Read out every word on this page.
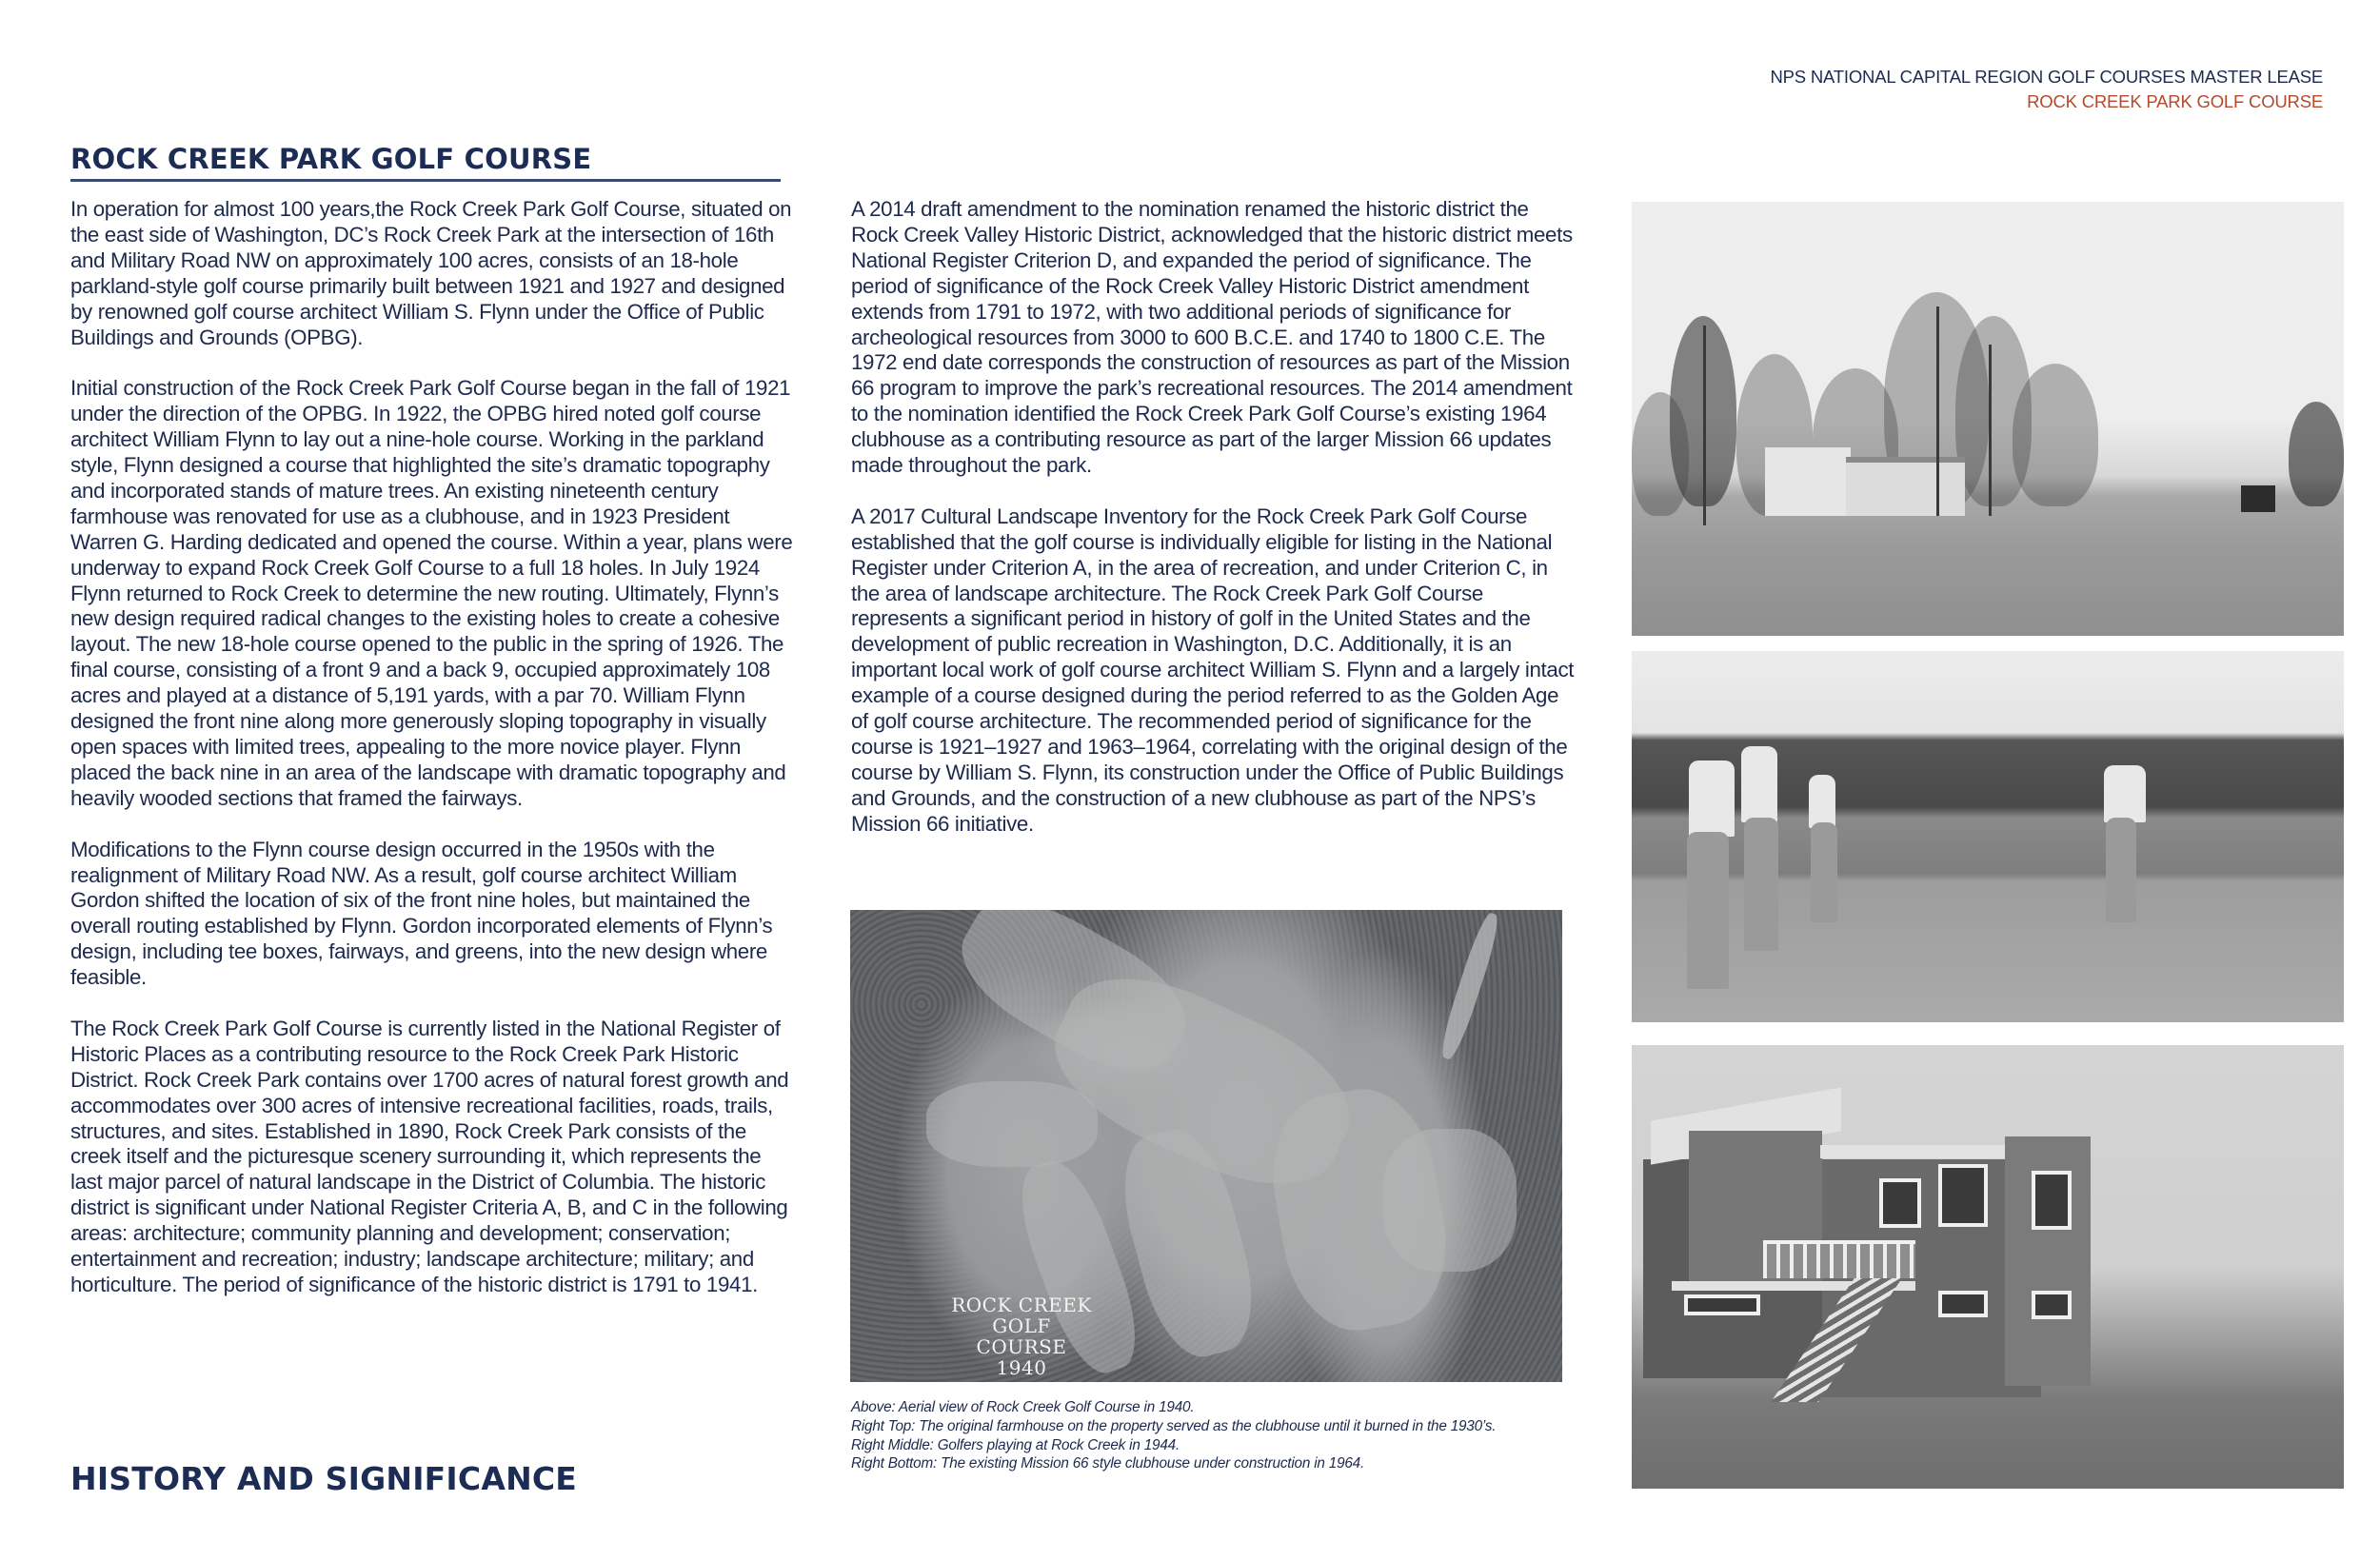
NPS NATIONAL CAPITAL REGION GOLF COURSES MASTER LEASE
ROCK CREEK PARK GOLF COURSE
ROCK CREEK PARK GOLF COURSE

In operation for almost 100 years,the Rock Creek Park Golf Course, situated on the east side of Washington, DC’s Rock Creek Park at the intersection of 16th and Military Road NW on approximately 100 acres, consists of an 18-hole parkland-style golf course primarily built between 1921 and 1927 and designed by renowned golf course architect William S. Flynn under the Office of Public Buildings and Grounds (OPBG).

Initial construction of the Rock Creek Park Golf Course began in the fall of 1921 under the direction of the OPBG. In 1922, the OPBG hired noted golf course architect William Flynn to lay out a nine-hole course. Working in the parkland style, Flynn designed a course that highlighted the site’s dramatic topography and incorporated stands of mature trees. An existing nineteenth century farmhouse was renovated for use as a clubhouse, and in 1923 President Warren G. Harding dedicated and opened the course. Within a year, plans were underway to expand Rock Creek Golf Course to a full 18 holes. In July 1924 Flynn returned to Rock Creek to determine the new routing. Ultimately, Flynn’s new design required radical changes to the existing holes to create a cohesive layout. The new 18-hole course opened to the public in the spring of 1926. The final course, consisting of a front 9 and a back 9, occupied approximately 108 acres and played at a distance of 5,191 yards, with a par 70. William Flynn designed the front nine along more generously sloping topography in visually open spaces with limited trees, appealing to the more novice player. Flynn placed the back nine in an area of the landscape with dramatic topography and heavily wooded sections that framed the fairways.

Modifications to the Flynn course design occurred in the 1950s with the realignment of Military Road NW. As a result, golf course architect William Gordon shifted the location of six of the front nine holes, but maintained the overall routing established by Flynn. Gordon incorporated elements of Flynn’s design, including tee boxes, fairways, and greens, into the new design where feasible.

The Rock Creek Park Golf Course is currently listed in the National Register of Historic Places as a contributing resource to the Rock Creek Park Historic District. Rock Creek Park contains over 1700 acres of natural forest growth and accommodates over 300 acres of intensive recreational facilities, roads, trails, structures, and sites. Established in 1890, Rock Creek Park consists of the creek itself and the picturesque scenery surrounding it, which represents the last major parcel of natural landscape in the District of Columbia. The historic district is significant under National Register Criteria A, B, and C in the following areas: architecture; community planning and development; conservation; entertainment and recreation; industry; landscape architecture; military; and horticulture. The period of significance of the historic district is 1791 to 1941.

A 2014 draft amendment to the nomination renamed the historic district the Rock Creek Valley Historic District, acknowledged that the historic district meets National Register Criterion D, and expanded the period of significance. The period of significance of the Rock Creek Valley Historic District amendment extends from 1791 to 1972, with two additional periods of significance for archeological resources from 3000 to 600 B.C.E. and 1740 to 1800 C.E. The 1972 end date corresponds the construction of resources as part of the Mission 66 program to improve the park’s recreational resources. The 2014 amendment to the nomination identified the Rock Creek Park Golf Course’s existing 1964 clubhouse as a contributing resource as part of the larger Mission 66 updates made throughout the park.

A 2017 Cultural Landscape Inventory for the Rock Creek Park Golf Course established that the golf course is individually eligible for listing in the National Register under Criterion A, in the area of recreation, and under Criterion C, in the area of landscape architecture. The Rock Creek Park Golf Course represents a significant period in history of golf in the United States and the development of public recreation in Washington, D.C. Additionally, it is an important local work of golf course architect William S. Flynn and a largely intact example of a course designed during the period referred to as the Golden Age of golf course architecture. The recommended period of significance for the course is 1921–1927 and 1963–1964, correlating with the original design of the course by William S. Flynn, its construction under the Office of Public Buildings and Grounds, and the construction of a new clubhouse as part of the NPS’s Mission 66 initiative.

ROCK CREEK
GOLF COURSE
1940
Above: Aerial view of Rock Creek Golf Course in 1940.
Right Top: The original farmhouse on the property served as the clubhouse until it burned in the 1930’s.
Right Middle: Golfers playing at Rock Creek in 1944.
Right Bottom: The existing Mission 66 style clubhouse under construction in 1964.
HISTORY AND SIGNIFICANCE
